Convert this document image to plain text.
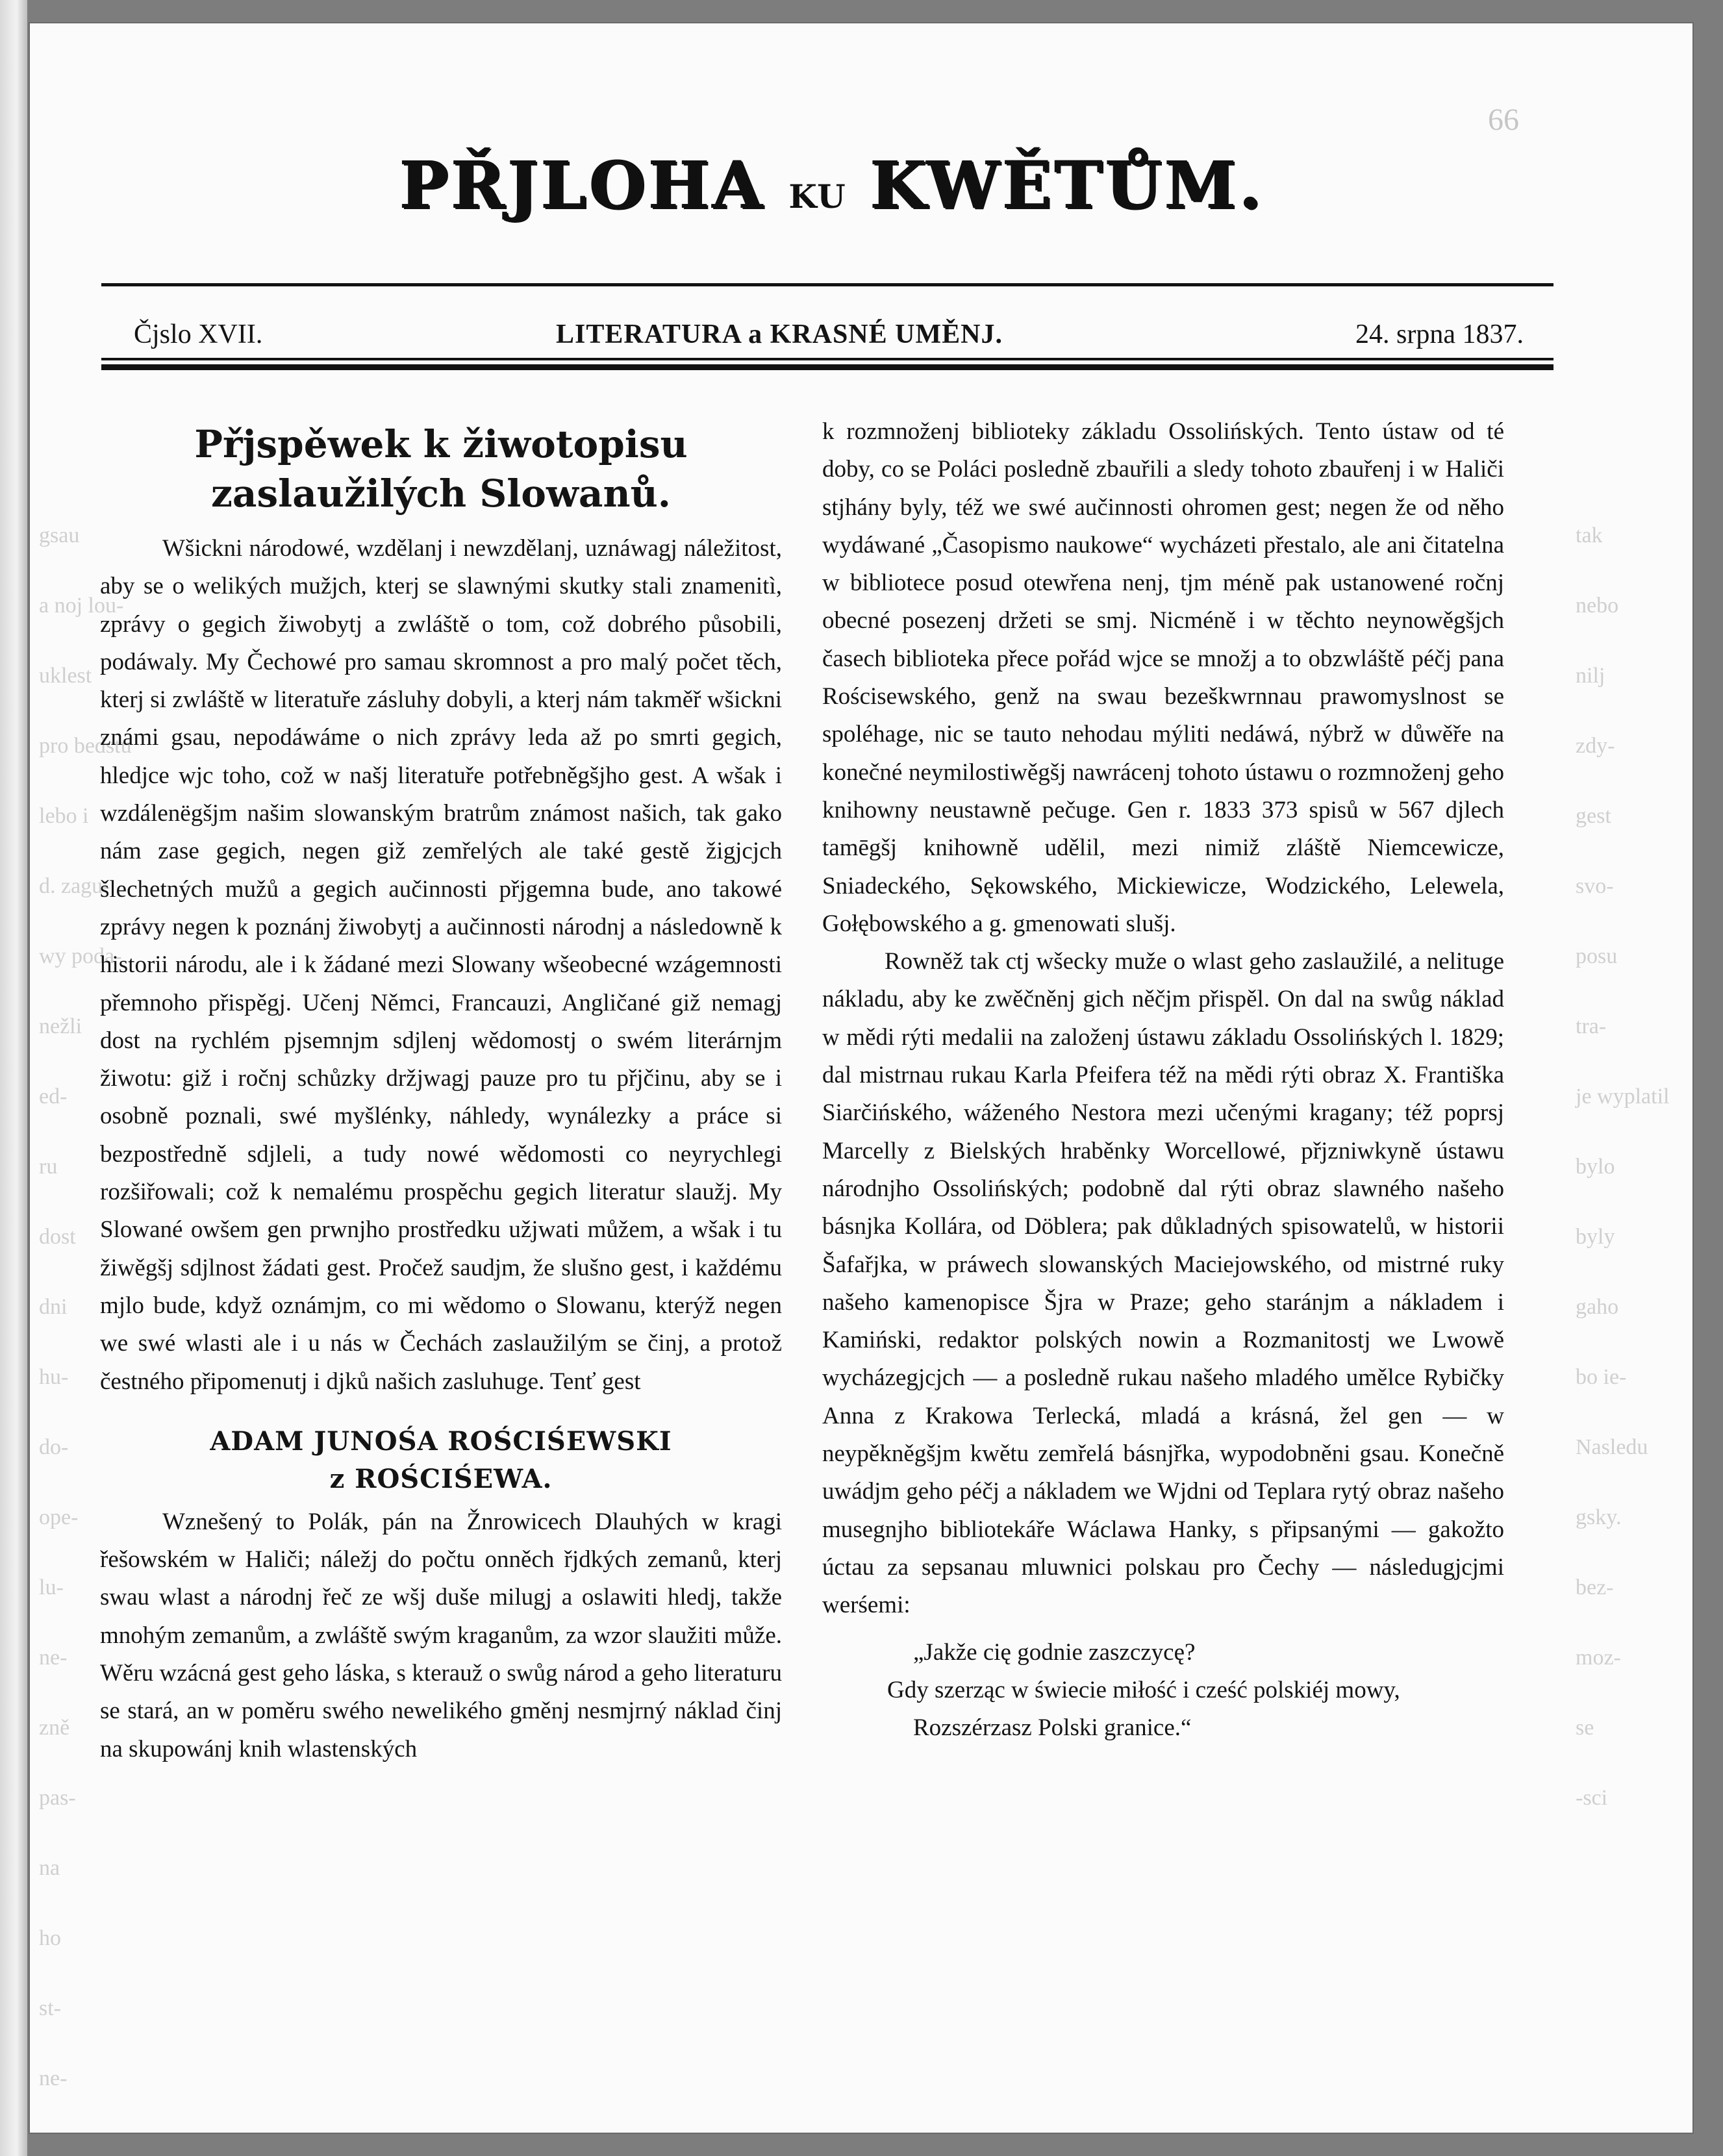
66
gsau
a noj lou-
uklest
pro bedstu
lebo i
d. zagu-
wy poda-
nežli
ed-
ru
dost
dni
hu-
do-
ope-
lu-
ne-
zně
pas-
na
ho
st-
ne-
tak
nebo
nilj
zdy-
gest
svo-
posu
tra-
je wyplatil
bylo
byly
gaho
bo ie-
Nasledu
gsky.
bez-
moz-
se
-sci
PŘJLOHA KU KWĚTŮM.
Čjslo XVII.	LITERATURA a KRASNÉ UMĚNJ.	24. srpna 1837.
Přjspěwek k žiwotopisu zaslaužilých Slowanů.

Wšickni národowé, wzdělanj i newzdělanj, uznáwagj náležitost, aby se o welikých mužjch, kterj se slawnými skutky stali znamenitì, zprávy o gegich žiwobytj a zwláště o tom, což dobrého působili, podáwaly. My Čechowé pro samau skromnost a pro malý počet těch, kterj si zwláště w literatuře zásluhy dobyli, a kterj nám takměř wšickni známi gsau, nepodáwáme o nich zprávy leda až po smrti gegich, hledjce wjc toho, což w našj literatuře potřebněgšjho gest. A wšak i wzdálenëgšjm našim slowanským bratrům známost našich, tak gako nám zase gegich, negen giž zemřelých ale také gestě žigjcjch šlechetných mužů a gegich aučinnosti přjgemna bude, ano takowé zprávy negen k poznánj žiwobytj a aučinnosti národnj a následowně k historii národu, ale i k žádané mezi Slowany wšeobecné wzágemnosti přemnoho přispěgj. Učenj Němci, Francauzi, Angličané giž nemagj dost na rychlém pjsemnjm sdjlenj wědomostj o swém literárnjm žiwotu: giž i ročnj schůzky držjwagj pauze pro tu přjčinu, aby se i osobně poznali, swé myšlénky, náhledy, wynálezky a práce si bezpostředně sdjleli, a tudy nowé wědomosti co neyrychlegi rozšiřowali; což k nemalému prospěchu gegich literatur slaužj. My Slowané owšem gen prwnjho prostředku užjwati můžem, a wšak i tu žiwěgšj sdjlnost žádati gest. Pročež saudjm, že slušno gest, i každému mjlo bude, když oznámjm, co mi wědomo o Slowanu, kterýž negen we swé wlasti ale i u nás w Čechách zaslaužilým se činj, a protož čestného připomenutj i djků našich zasluhuge. Tenť gest

ADAM JUNOŚA ROŚCIŚEWSKI
z ROŚCIŚEWA.

Wznešený to Polák, pán na Žnrowicech Dlauhých w kragi řešowském w Haliči; náležj do počtu onněch řjdkých zemanů, kterj swau wlast a národnj řeč ze wšj duše milugj a oslawiti hledj, takže mnohým zemanům, a zwláště swým kraganům, za wzor slaužiti může. Wěru wzácná gest geho láska, s kterauž o swůg národ a geho literaturu se stará, an w poměru swého newelikého gměnj nesmjrný náklad činj na skupowánj knih wlastenských

k rozmnoženj biblioteky základu Ossolińských. Tento ústaw od té doby, co se Poláci posledně zbauřili a sledy tohoto zbauřenj i w Haliči stjhány byly, též we swé aučinnosti ohromen gest; negen že od něho wydáwané „Časopismo naukowe“ wycházeti přestalo, ale ani čitatelna w bibliotece posud otewřena nenj, tjm méně pak ustanowené ročnj obecné posezenj držeti se smj. Nicméně i w těchto neynowěgšjch časech biblioteka přece pořád wjce se množj a to obzwláště péčj pana Rościsewského, genž na swau bezeškwrnnau prawomyslnost se spoléhage, nic se tauto nehodau mýliti nedáwá, nýbrž w důwěře na konečné neymilostiwěgšj nawrácenj tohoto ústawu o rozmnoženj geho knihowny neustawně pečuge. Gen r. 1833 373 spisů w 567 djlech tamēgšj knihowně udělil, mezi nimiž zláště Niemcewicze, Sniadeckého, Sękowského, Mickiewicze, Wodzického, Lelewela, Gołębowského a g. gmenowati slušj.

Rowněž tak ctj wšecky muže o wlast geho zaslaužilé, a nelituge nákladu, aby ke zwěčněnj gich něčjm přispěl. On dal na swůg náklad w mědi rýti medalii na založenj ústawu základu Ossolińských l. 1829; dal mistrnau rukau Karla Pfeifera též na mědi rýti obraz X. Františka Siarčińského, wáženého Nestora mezi učenými kragany; též poprsj Marcelly z Bielských hraběnky Worcellowé, přjzniwkyně ústawu národnjho Ossolińských; podobně dal rýti obraz slawného našeho básnjka Kollára, od Döblera; pak důkladných spisowatelů, w historii Šafařjka, w práwech slowanských Maciejowského, od mistrné ruky našeho kamenopisce Šjra w Praze; geho staránjm a nákladem i Kamiński, redaktor polských nowin a Rozmanitostj we Lwowě wycházegjcjch — a posledně rukau našeho mladého umělce Rybičky Anna z Krakowa Terlecká, mladá a krásná, žel gen — w neypěkněgšjm kwětu zemřelá básnjřka, wypodobněni gsau. Konečně uwádjm geho péčj a nákladem we Wjdni od Teplara rytý obraz našeho musegnjho bibliotekáře Wáclawa Hanky, s připsanými — gakožto úctau za sepsanau mluwnici polskau pro Čechy — následugjcjmi werśemi:

„Jakže cię godnie zaszczycę?
Gdy szerząc w świecie miłość i cześć polskiéj mowy,
Rozszérzasz Polski granice.“
